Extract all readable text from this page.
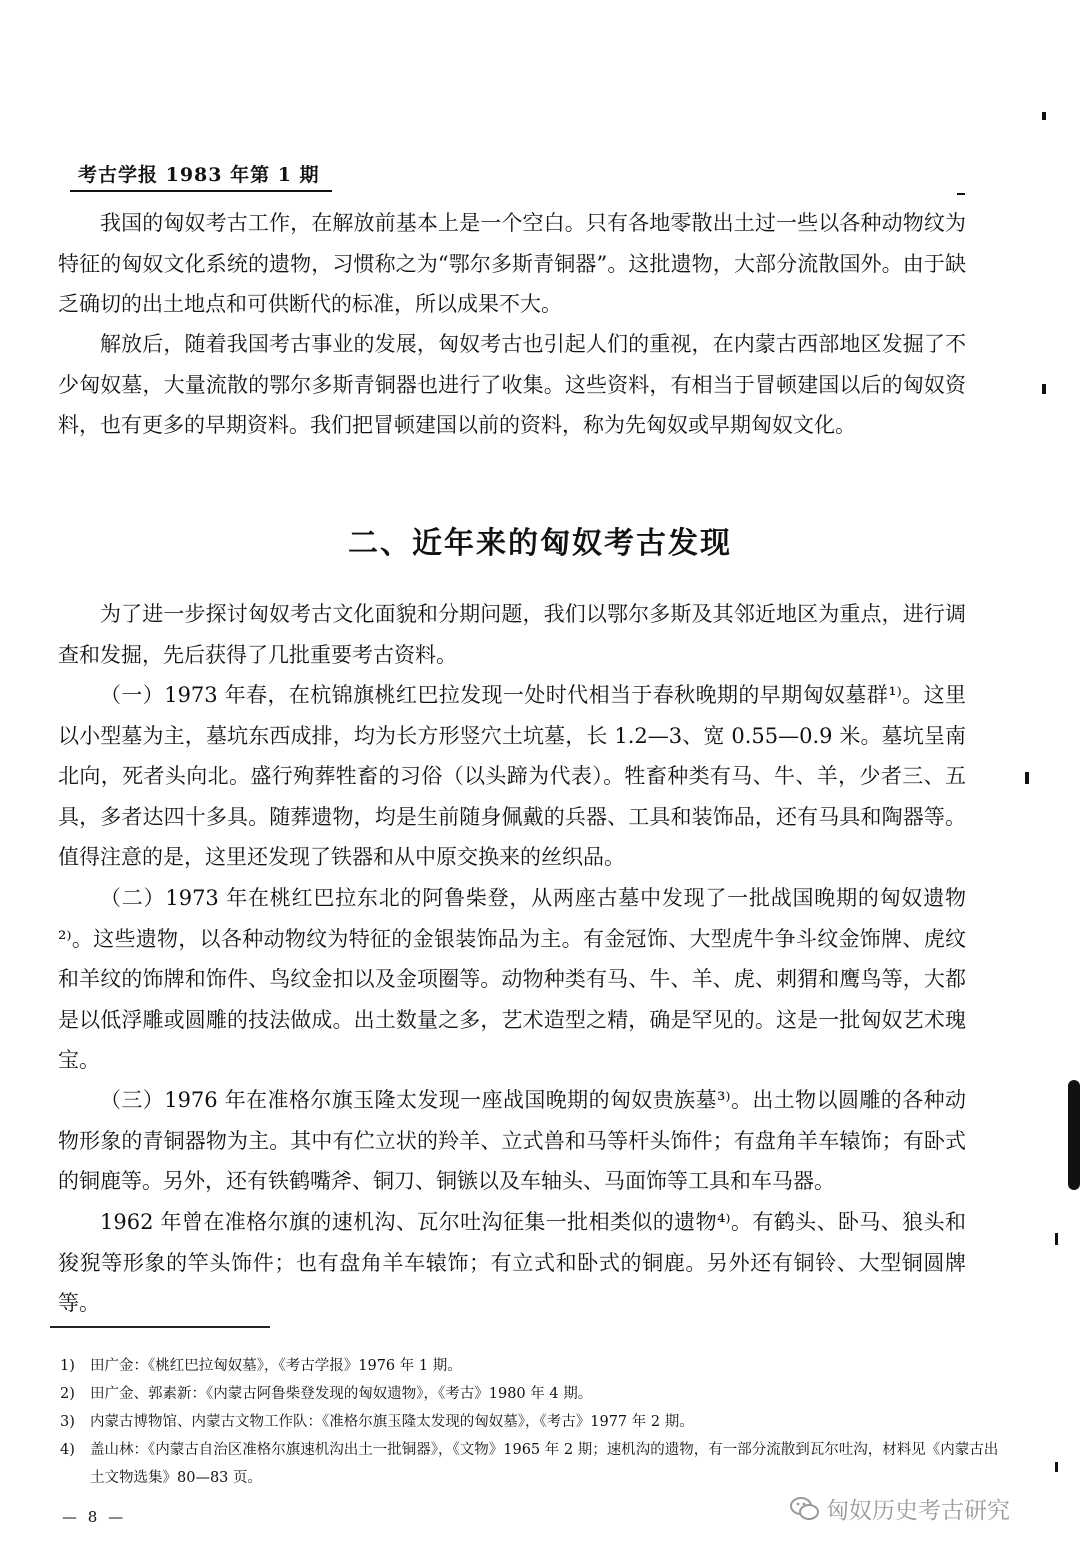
考古学报 1983 年第 1 期

我国的匈奴考古工作，在解放前基本上是一个空白。只有各地零散出土过一些以各种动物纹为特征的匈奴文化系统的遗物，习惯称之为“鄂尔多斯青铜器”。这批遗物，大部分流散国外。由于缺乏确切的出土地点和可供断代的标准，所以成果不大。

解放后，随着我国考古事业的发展，匈奴考古也引起人们的重视，在内蒙古西部地区发掘了不少匈奴墓，大量流散的鄂尔多斯青铜器也进行了收集。这些资料，有相当于冒顿建国以后的匈奴资料，也有更多的早期资料。我们把冒顿建国以前的资料，称为先匈奴或早期匈奴文化。

二、近年来的匈奴考古发现

为了进一步探讨匈奴考古文化面貌和分期问题，我们以鄂尔多斯及其邻近地区为重点，进行调查和发掘，先后获得了几批重要考古资料。

（一）1973 年春，在杭锦旗桃红巴拉发现一处时代相当于春秋晚期的早期匈奴墓群¹⁾。这里以小型墓为主，墓坑东西成排，均为长方形竖穴土坑墓，长 1.2—3、宽 0.55—0.9 米。墓坑呈南北向，死者头向北。盛行殉葬牲畜的习俗（以头蹄为代表）。牲畜种类有马、牛、羊，少者三、五具，多者达四十多具。随葬遗物，均是生前随身佩戴的兵器、工具和装饰品，还有马具和陶器等。值得注意的是，这里还发现了铁器和从中原交换来的丝织品。

（二）1973 年在桃红巴拉东北的阿鲁柴登，从两座古墓中发现了一批战国晚期的匈奴遗物²⁾。这些遗物，以各种动物纹为特征的金银装饰品为主。有金冠饰、大型虎牛争斗纹金饰牌、虎纹和羊纹的饰牌和饰件、鸟纹金扣以及金项圈等。动物种类有马、牛、羊、虎、刺猬和鹰鸟等，大都是以低浮雕或圆雕的技法做成。出土数量之多，艺术造型之精，确是罕见的。这是一批匈奴艺术瑰宝。

（三）1976 年在准格尔旗玉隆太发现一座战国晚期的匈奴贵族墓³⁾。出土物以圆雕的各种动物形象的青铜器物为主。其中有伫立状的羚羊、立式兽和马等杆头饰件；有盘角羊车辕饰；有卧式的铜鹿等。另外，还有铁鹤嘴斧、铜刀、铜镞以及车轴头、马面饰等工具和车马器。

1962 年曾在准格尔旗的速机沟、瓦尔吐沟征集一批相类似的遗物⁴⁾。有鹤头、卧马、狼头和狻猊等形象的竿头饰件；也有盘角羊车辕饰；有立式和卧式的铜鹿。另外还有铜铃、大型铜圆牌等。

1) 田广金：《桃红巴拉匈奴墓》，《考古学报》1976 年 1 期。
2) 田广金、郭素新：《内蒙古阿鲁柴登发现的匈奴遗物》，《考古》1980 年 4 期。
3) 内蒙古博物馆、内蒙古文物工作队：《准格尔旗玉隆太发现的匈奴墓》，《考古》1977 年 2 期。
4) 盖山林：《内蒙古自治区准格尔旗速机沟出土一批铜器》，《文物》1965 年 2 期；速机沟的遗物，有一部分流散到瓦尔吐沟，材料见《内蒙古出土文物选集》80—83 页。
— 8 —	匈奴历史考古研究
